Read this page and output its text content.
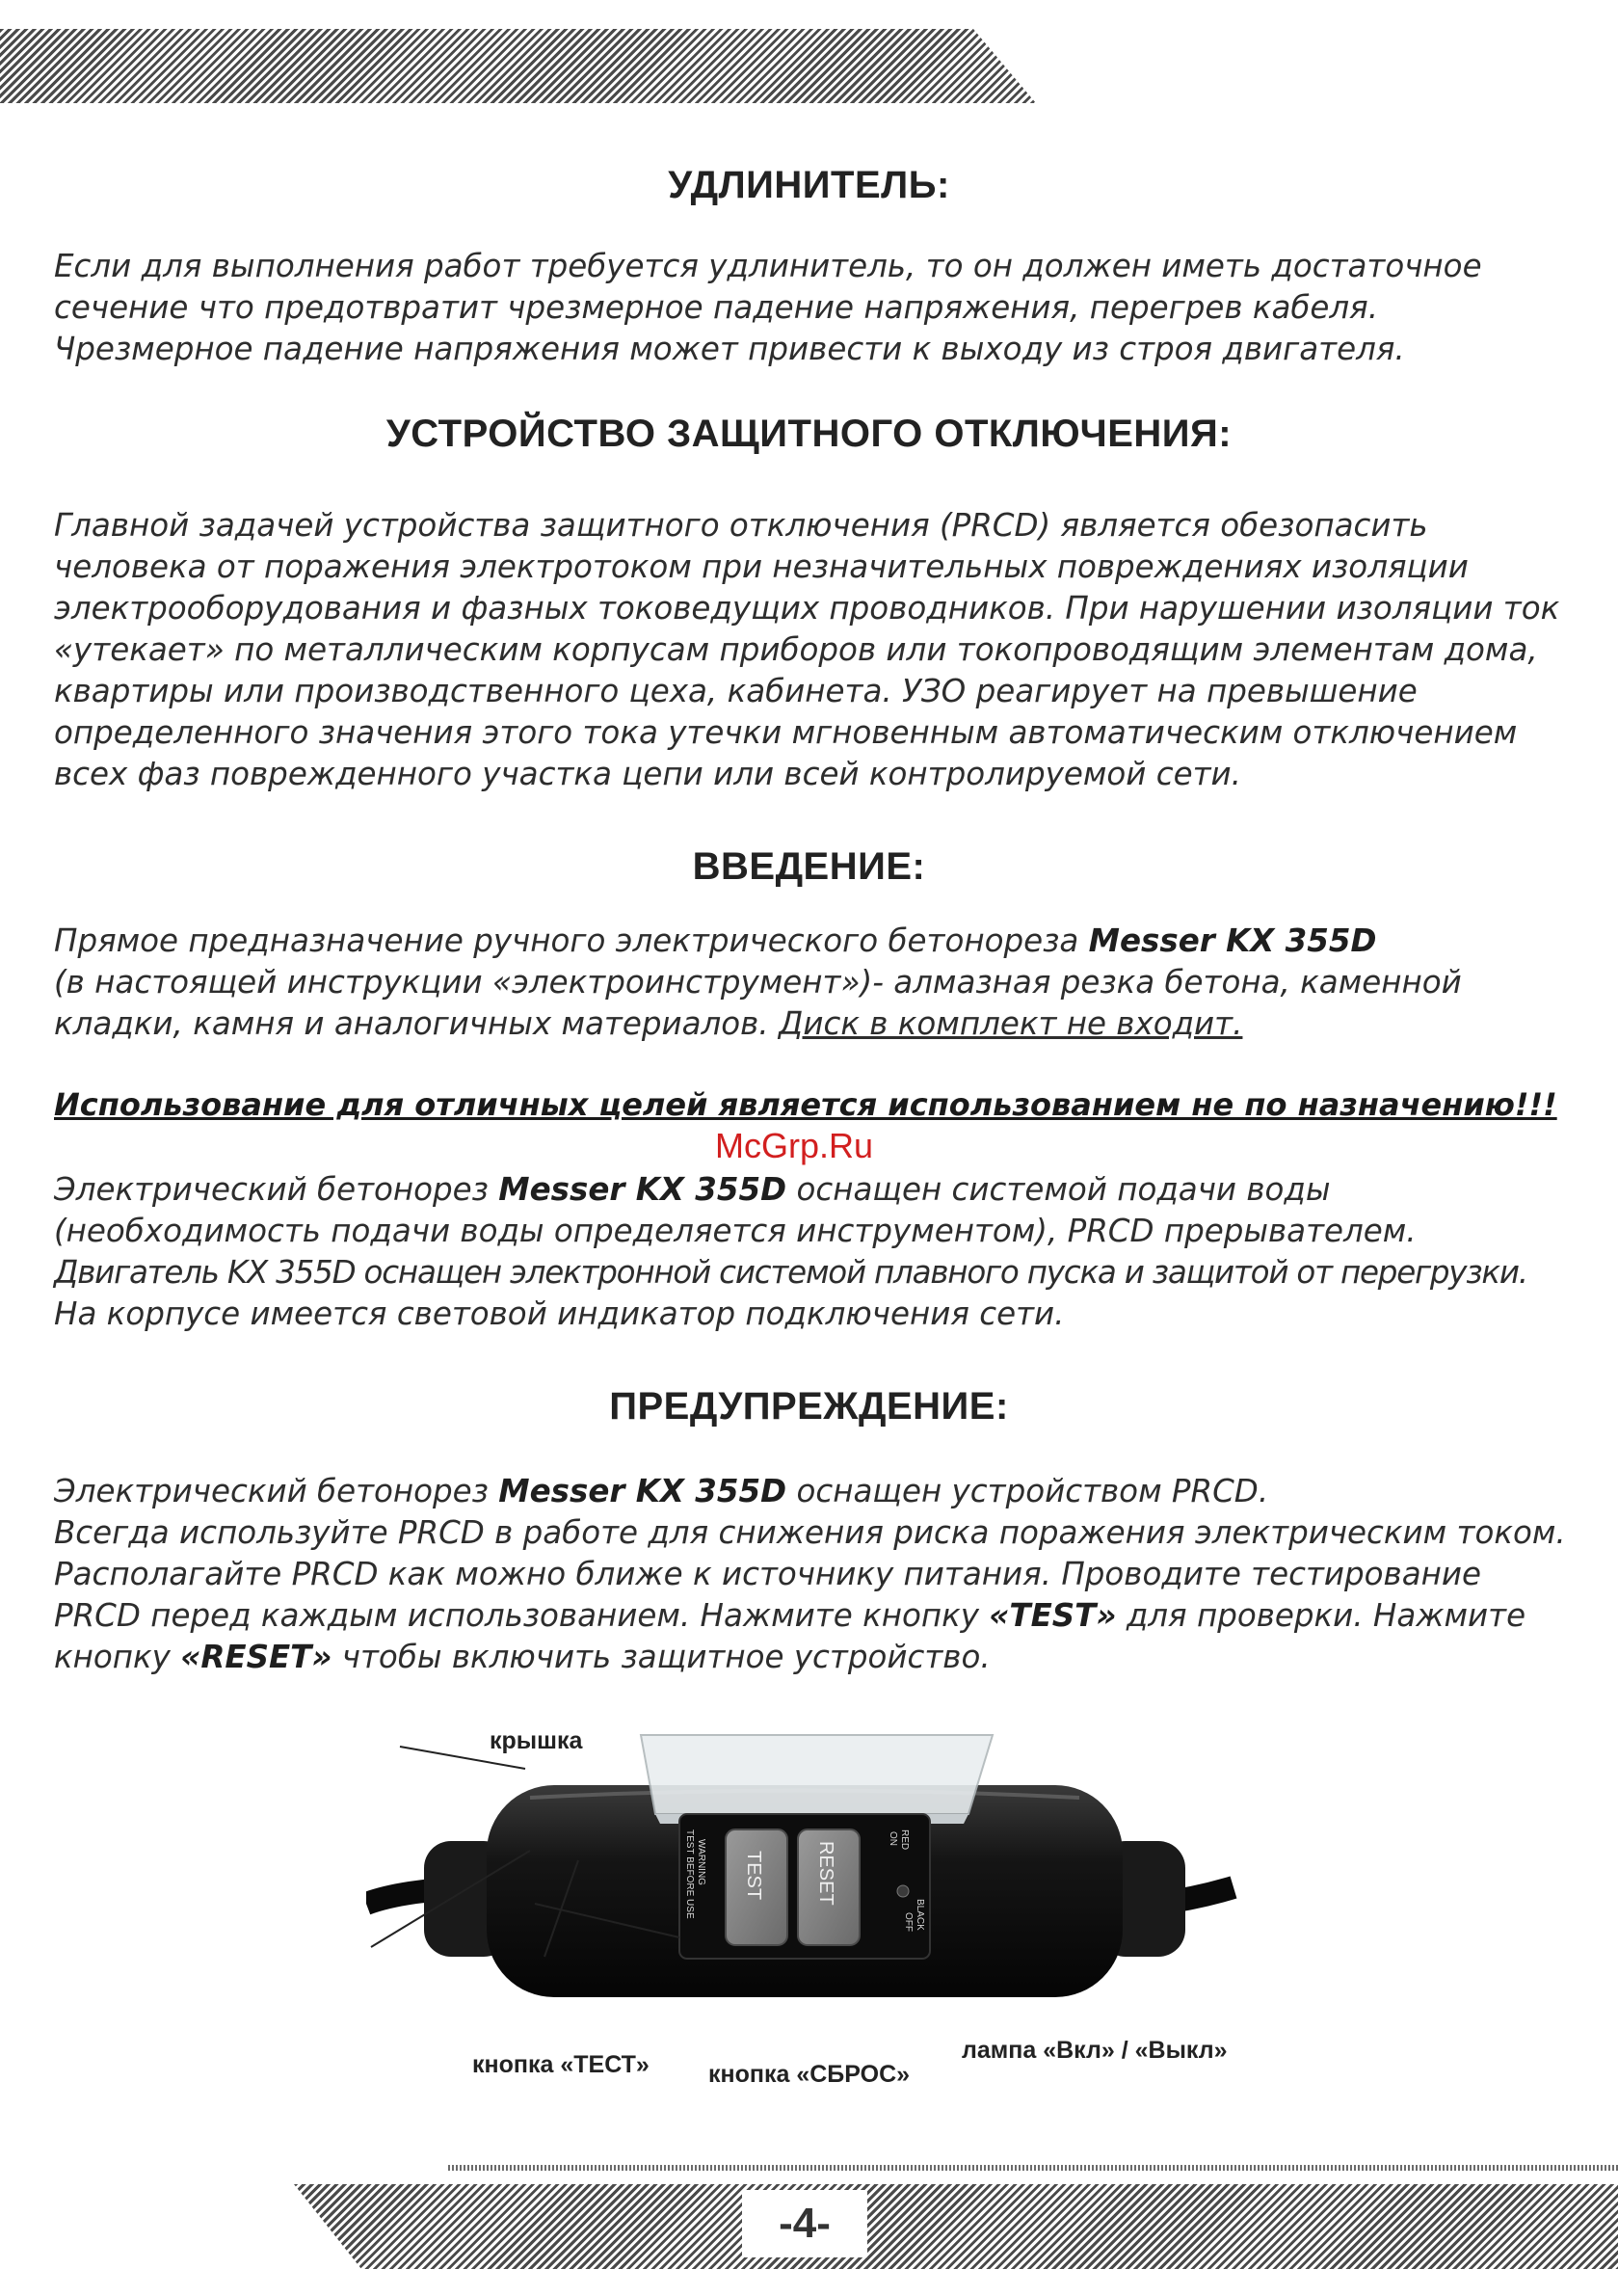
-4-
УДЛИНИТЕЛЬ:

Если для выполнения работ требуется удлинитель, то он должен иметь достаточное сечение что предотвратит чрезмерное падение напряжения, перегрев кабеля. Чрезмерное падение напряжения может привести к выходу из строя двигателя.

УСТРОЙСТВО ЗАЩИТНОГО ОТКЛЮЧЕНИЯ:

Главной задачей устройства защитного отключения (PRCD) является обезопасить человека от поражения электротоком при незначительных повреждениях изоляции электрооборудования и фазных токоведущих проводников. При нарушении изоляции ток «утекает» по металлическим корпусам приборов или токопроводящим элементам дома, квартиры или производственного цеха, кабинета. УЗО реагирует на превышение определенного значения этого тока утечки мгновенным автоматическим отключением всех фаз поврежденного участка цепи или всей контролируемой сети.

ВВЕДЕНИЕ:

Прямое предназначение ручного электрического бетонореза Messer KX 355D
(в настоящей инструкции «электроинструмент»)- алмазная резка бетона, каменной кладки, камня и аналогичных материалов. Диск в комплект не входит.

Использование для отличных целей является использованием не по назначению!!!

McGrp.Ru

Электрический бетонорез Messer KX 355D оснащен системой подачи воды (необходимость подачи воды определяется инструментом), PRCD прерывателем.
Двигатель KX 355D оснащен электронной системой плавного пуска и защитой от перегрузки.
На корпусе имеется световой индикатор подключения сети.

ПРЕДУПРЕЖДЕНИЕ:

Электрический бетонорез Messer KX 355D оснащен устройством PRCD.
Всегда используйте PRCD в работе для снижения риска поражения электрическим током. Располагайте PRCD как можно ближе к источнику питания. Проводите тестирование PRCD перед каждым использованием. Нажмите кнопку «TEST» для проверки. Нажмите кнопку «RESET» чтобы включить защитное устройство.

WARNING
TEST BEFORE USE	TEST	RESET
RED
ON
BLACK
OFF

крышка

кнопка «ТЕСТ» кнопка «СБРОС»

лампа «Вкл» / «Выкл»
